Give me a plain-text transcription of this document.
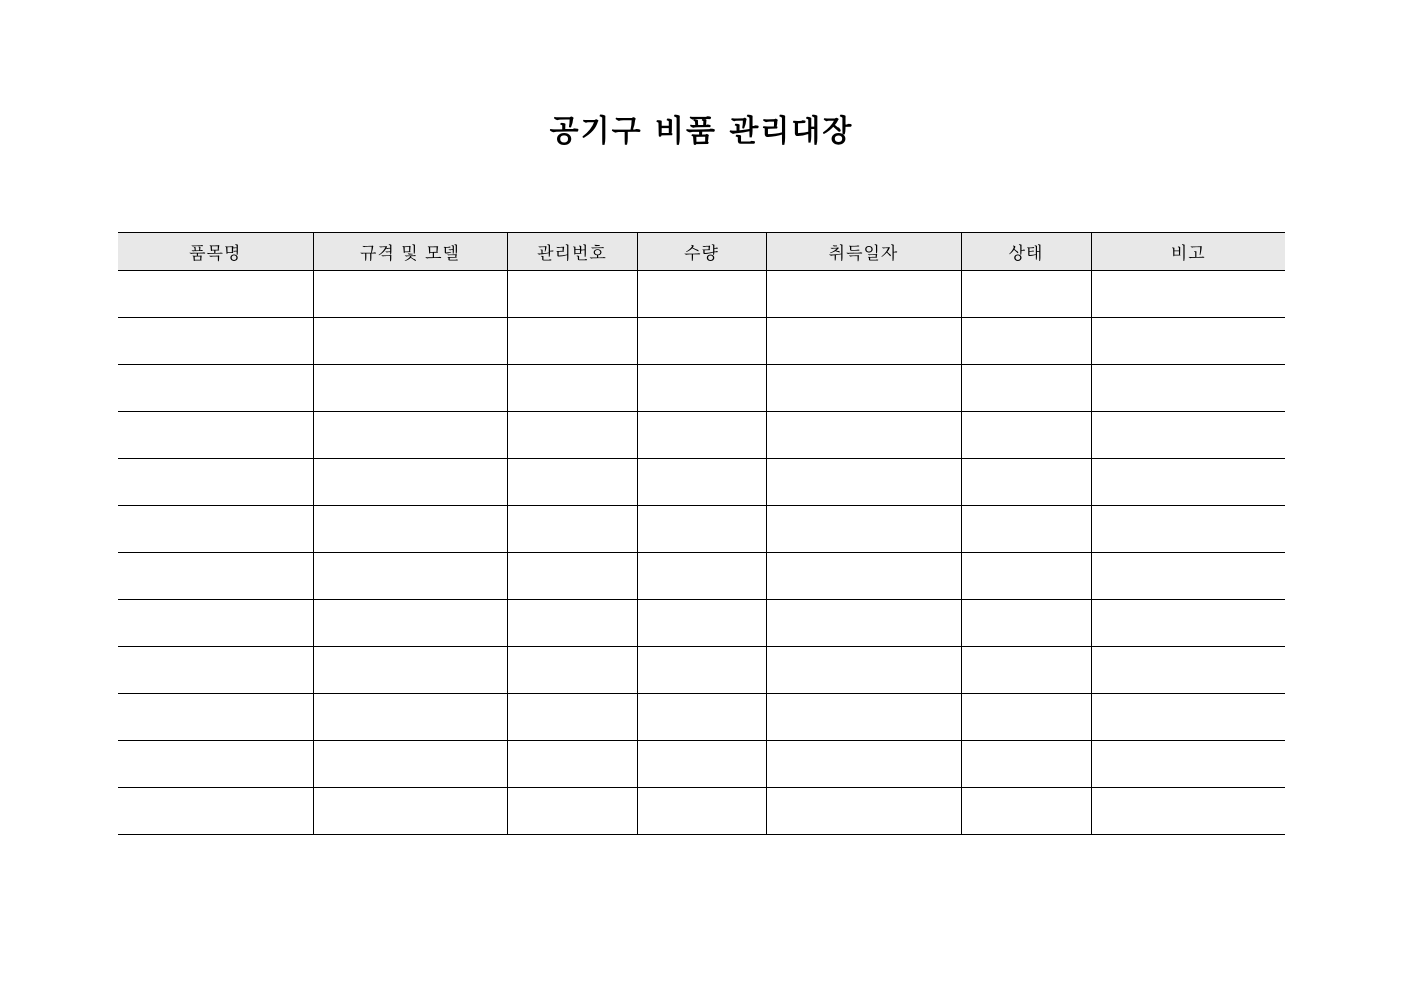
공기구 비품 관리대장
품목명	규격 및 모델	관리번호	수량	취득일자	상태	비고
